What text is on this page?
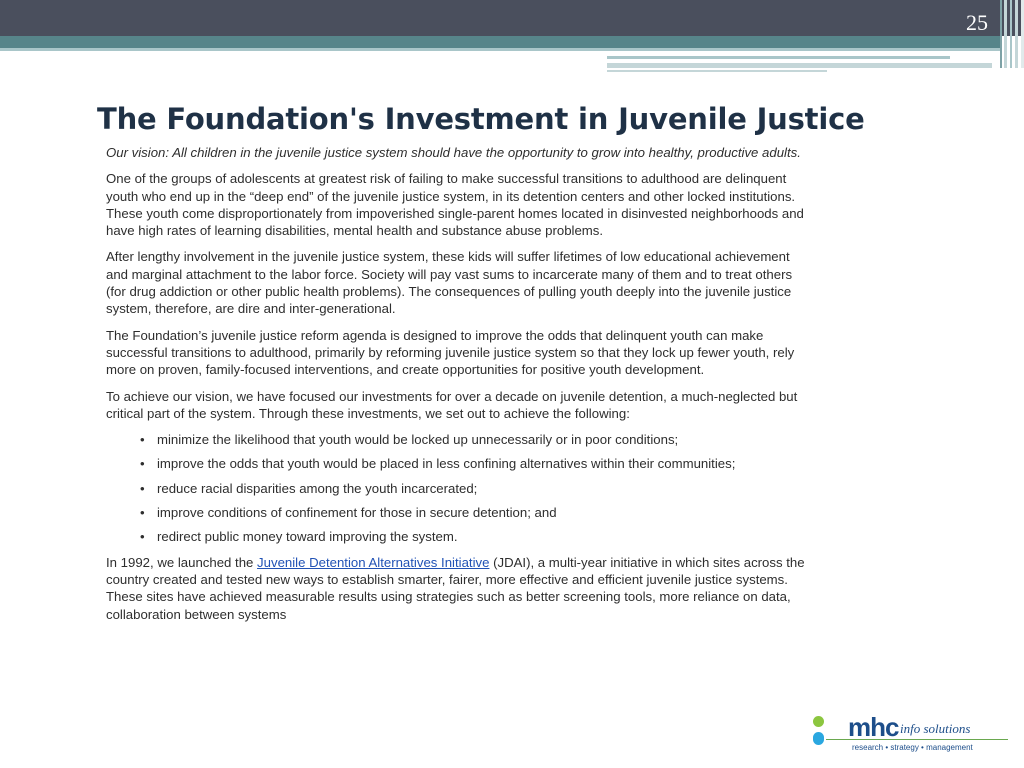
25
The Foundation's Investment in Juvenile Justice

Our vision: All children in the juvenile justice system should have the opportunity to grow into healthy, productive adults.

One of the groups of adolescents at greatest risk of failing to make successful transitions to adulthood are delinquent youth who end up in the “deep end” of the juvenile justice system, in its detention centers and other locked institutions. These youth come disproportionately from impoverished single-parent homes located in disinvested neighborhoods and have high rates of learning disabilities, mental health and substance abuse problems.

After lengthy involvement in the juvenile justice system, these kids will suffer lifetimes of low educational achievement and marginal attachment to the labor force. Society will pay vast sums to incarcerate many of them and to treat others (for drug addiction or other public health problems). The consequences of pulling youth deeply into the juvenile justice system, therefore, are dire and inter-generational.

The Foundation’s juvenile justice reform agenda is designed to improve the odds that delinquent youth can make successful transitions to adulthood, primarily by reforming juvenile justice system so that they lock up fewer youth, rely more on proven, family-focused interventions, and create opportunities for positive youth development.

To achieve our vision, we have focused our investments for over a decade on juvenile detention, a much-neglected but critical part of the system. Through these investments, we set out to achieve the following:

• minimize the likelihood that youth would be locked up unnecessarily or in poor conditions;
• improve the odds that youth would be placed in less confining alternatives within their communities;
• reduce racial disparities among the youth incarcerated;
• improve conditions of confinement for those in secure detention; and
• redirect public money toward improving the system.

In 1992, we launched the Juvenile Detention Alternatives Initiative (JDAI), a multi-year initiative in which sites across the country created and tested new ways to establish smarter, fairer, more effective and efficient juvenile justice systems. These sites have achieved measurable results using strategies such as better screening tools, more reliance on data, collaboration between systems

mhc info solutions
research • strategy • management
